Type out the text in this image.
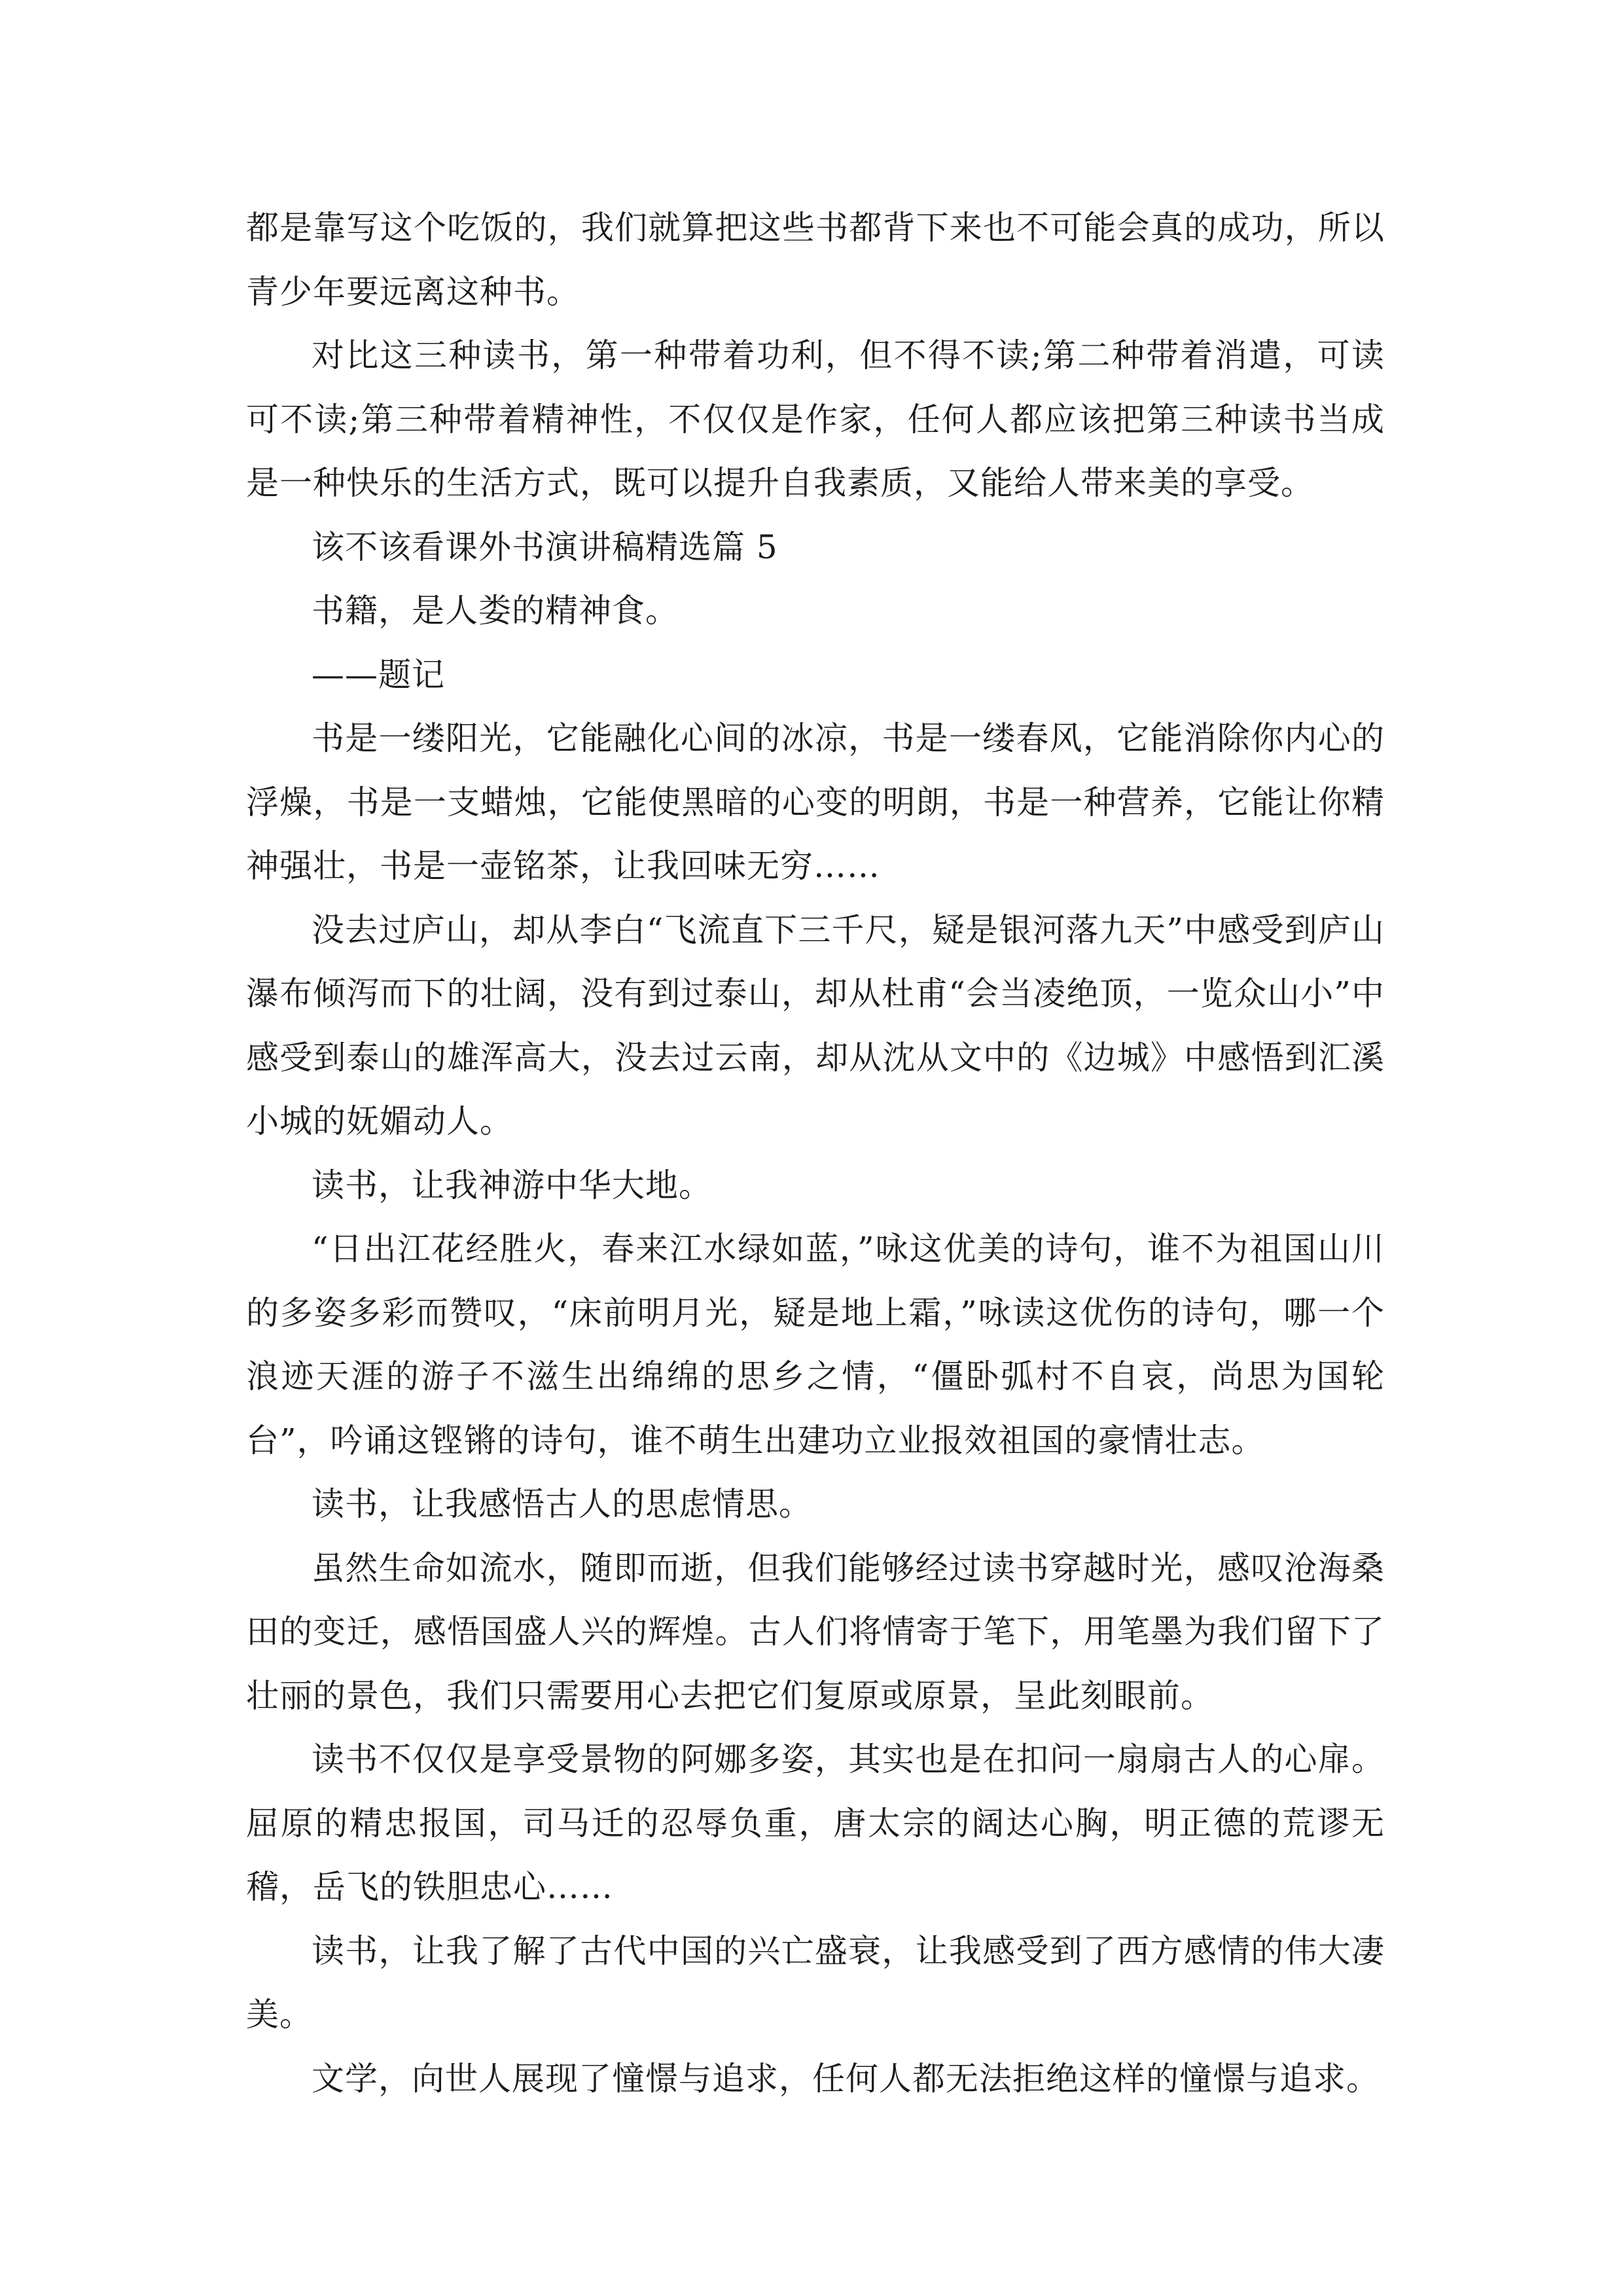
都是靠写这个吃饭的，我们就算把这些书都背下来也不可能会真的成功，所以青少年要远离这种书。

对比这三种读书，第一种带着功利，但不得不读;第二种带着消遣，可读可不读;第三种带着精神性，不仅仅是作家，任何人都应该把第三种读书当成是一种快乐的生活方式，既可以提升自我素质，又能给人带来美的享受。

该不该看课外书演讲稿精选篇 5

书籍，是人娄的精神食。

——题记

书是一缕阳光，它能融化心间的冰凉，书是一缕春风，它能消除你内心的浮燥，书是一支蜡烛，它能使黑暗的心变的明朗，书是一种营养，它能让你精神强壮，书是一壶铭茶，让我回味无穷……

没去过庐山，却从李白“飞流直下三千尺，疑是银河落九天”中感受到庐山瀑布倾泻而下的壮阔，没有到过泰山，却从杜甫“会当凌绝顶，一览众山小”中感受到泰山的雄浑高大，没去过云南，却从沈从文中的《边城》中感悟到汇溪小城的妩媚动人。

读书，让我神游中华大地。

“日出江花经胜火，春来江水绿如蓝，”咏这优美的诗句，谁不为祖国山川的多姿多彩而赞叹，“床前明月光，疑是地上霜，”咏读这优伤的诗句，哪一个浪迹天涯的游子不滋生出绵绵的思乡之情，“僵卧弧村不自哀，尚思为国轮台”，吟诵这铿锵的诗句，谁不萌生出建功立业报效祖国的豪情壮志。

读书，让我感悟古人的思虑情思。

虽然生命如流水，随即而逝，但我们能够经过读书穿越时光，感叹沧海桑田的变迁，感悟国盛人兴的辉煌。古人们将情寄于笔下，用笔墨为我们留下了壮丽的景色，我们只需要用心去把它们复原或原景，呈此刻眼前。

读书不仅仅是享受景物的阿娜多姿，其实也是在扣问一扇扇古人的心扉。屈原的精忠报国，司马迁的忍辱负重，唐太宗的阔达心胸，明正德的荒谬无稽，岳飞的铁胆忠心……

读书，让我了解了古代中国的兴亡盛衰，让我感受到了西方感情的伟大凄美。

文学，向世人展现了憧憬与追求，任何人都无法拒绝这样的憧憬与追求。
